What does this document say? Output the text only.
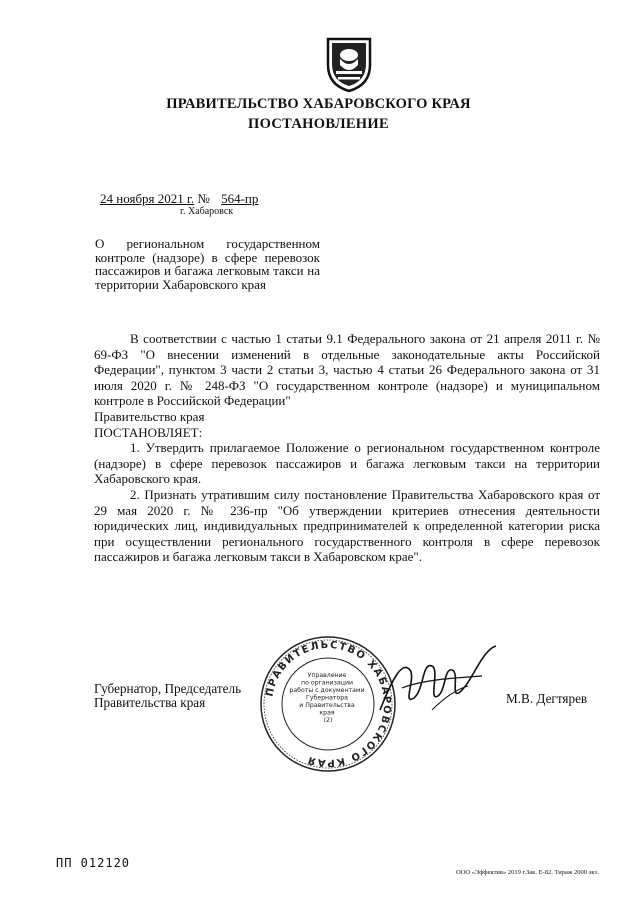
ПРАВИТЕЛЬСТВО ХАБАРОВСКОГО КРАЯ
ПОСТАНОВЛЕНИЕ
24 ноября 2021 г. № 564-пр
г. Хабаровск
О региональном государственном контроле (надзоре) в сфере перевозок пассажиров и багажа легковым такси на территории Хабаровского края

В соответствии с частью 1 статьи 9.1 Федерального закона от 21 апреля 2011 г. № 69-ФЗ "О внесении изменений в отдельные законодательные акты Российской Федерации", пунктом 3 части 2 статьи 3, частью 4 статьи 26 Федерального закона от 31 июля 2020 г. № 248-ФЗ "О государственном контроле (надзоре) и муниципальном контроле в Российской Федерации"

Правительство края

ПОСТАНОВЛЯЕТ:

1. Утвердить прилагаемое Положение о региональном государственном контроле (надзоре) в сфере перевозок пассажиров и багажа легковым такси на территории Хабаровского края.

2. Признать утратившим силу постановление Правительства Хабаровского края от 29 мая 2020 г. № 236-пр "Об утверждении критериев отнесения деятельности юридических лиц, индивидуальных предпринимателей к определенной категории риска при осуществлении регионального государственного контроля в сфере перевозок пассажиров и багажа легковым такси в Хабаровском крае".

Губернатор, Председатель
Правительства края	М.В. Дегтярев
ПРАВИТЕЛЬСТВО ХАБАРОВСКОГО КРАЯ
Управление по организации работы с документами Губернатора и Правительства края (2)
ПП 012120
ООО «Эффектив» 2019 г.Зак. Е-82. Тираж 2000 экз.
